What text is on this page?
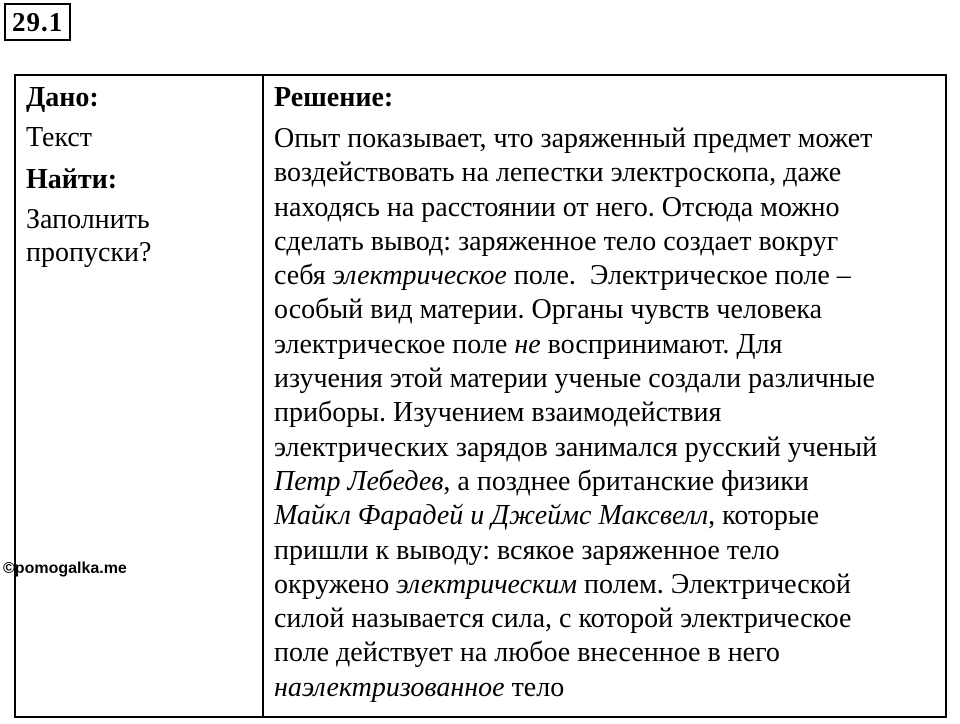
29.1
Дано:
Текст
Найти:
Заполнить
пропуски?
Решение:
Опыт показывает, что заряженный предмет может
воздействовать на лепестки электроскопа, даже
находясь на расстоянии от него. Отсюда можно
сделать вывод: заряженное тело создает вокруг
себя электрическое поле.  Электрическое поле –
особый вид материи. Органы чувств человека
электрическое поле не воспринимают. Для
изучения этой материи ученые создали различные
приборы. Изучением взаимодействия
электрических зарядов занимался русский ученый
Петр Лебедев, а позднее британские физики
Майкл Фарадей и Джеймс Максвелл, которые
пришли к выводу: всякое заряженное тело
окружено электрическим полем. Электрической
силой называется сила, с которой электрическое
поле действует на любое внесенное в него
наэлектризованное тело
©pomogalka.me
